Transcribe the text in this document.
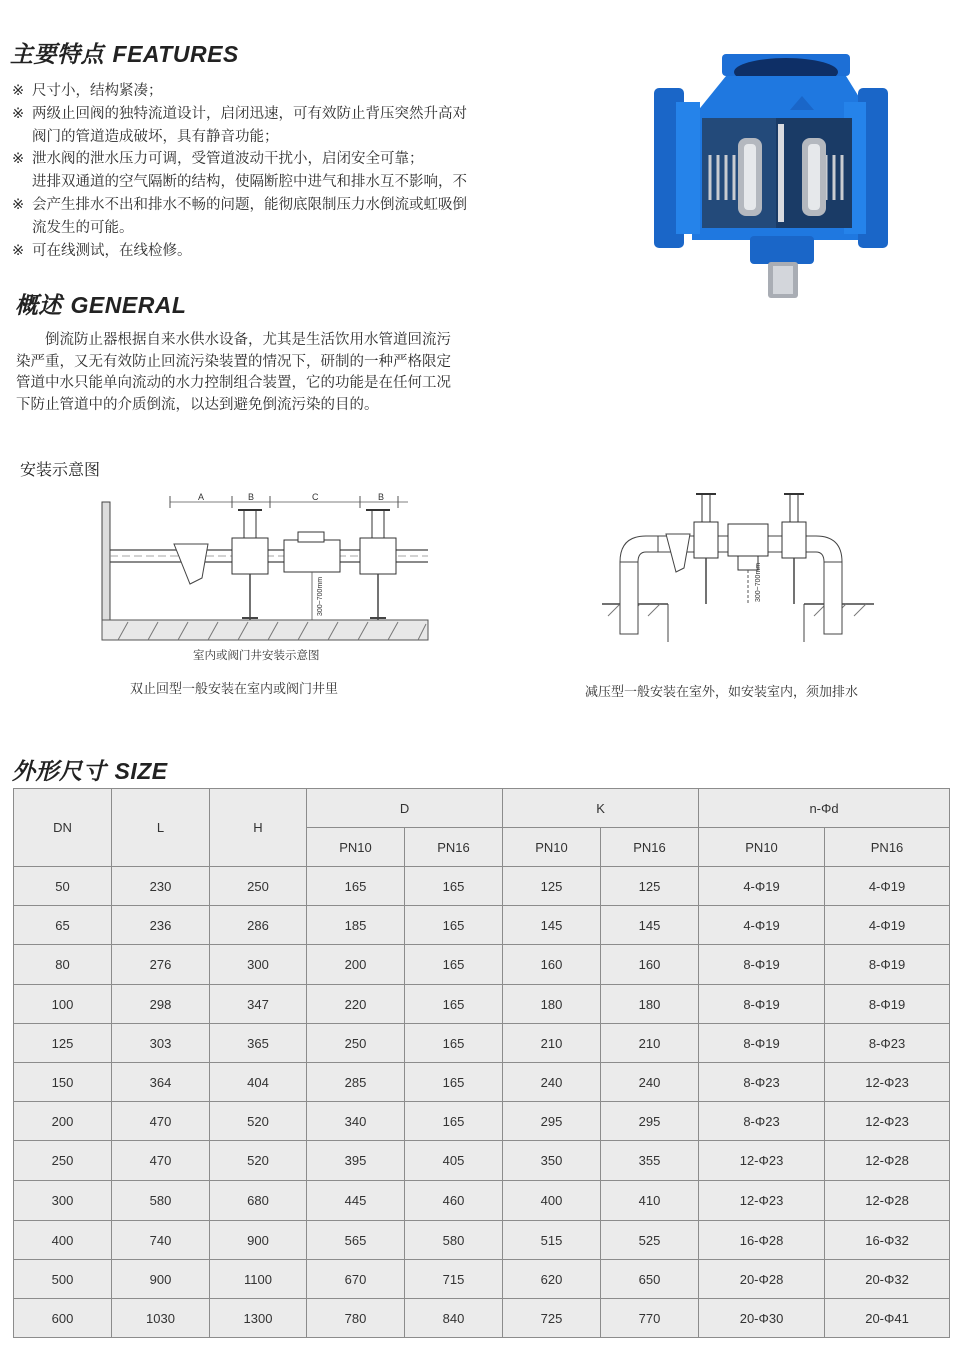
主要特点 FEATURES
※ 尺寸小，结构紧凑；
※ 两级止回阀的独特流道设计，启闭迅速，可有效防止背压突然升高对
阀门的管道造成破坏，具有静音功能；
※ 泄水阀的泄水压力可调，受管道波动干扰小，启闭安全可靠；
进排双通道的空气隔断的结构，使隔断腔中进气和排水互不影响，不
※ 会产生排水不出和排水不畅的问题，能彻底限制压力水倒流或虹吸倒
流发生的可能。
※ 可在线测试，在线检修。
概述 GENERAL
　　倒流防止器根据自来水供水设备，尤其是生活饮用水管道回流污
染严重，又无有效防止回流污染装置的情况下，研制的一种严格限定
管道中水只能单向流动的水力控制组合装置，它的功能是在任何工况
下防止管道中的介质倒流，以达到避免倒流污染的目的。
安装示意图
A	B	C	B
300~700mm
室内或阀门井安装示意图
双止回型一般安装在室内或阀门井里
300~700mm
减压型一般安装在室外，如安装室内，须加排水
外形尺寸 SIZE
DN	L	H	D		K		n-Φd	
			PN10	PN16	PN10	PN16	PN10	PN16
50	230	250	165	165	125	125	4-Φ19	4-Φ19
65	236	286	185	165	145	145	4-Φ19	4-Φ19
80	276	300	200	165	160	160	8-Φ19	8-Φ19
100	298	347	220	165	180	180	8-Φ19	8-Φ19
125	303	365	250	165	210	210	8-Φ19	8-Φ23
150	364	404	285	165	240	240	8-Φ23	12-Φ23
200	470	520	340	165	295	295	8-Φ23	12-Φ23
250	470	520	395	405	350	355	12-Φ23	12-Φ28
300	580	680	445	460	400	410	12-Φ23	12-Φ28
400	740	900	565	580	515	525	16-Φ28	16-Φ32
500	900	1100	670	715	620	650	20-Φ28	20-Φ32
600	1030	1300	780	840	725	770	20-Φ30	20-Φ41
